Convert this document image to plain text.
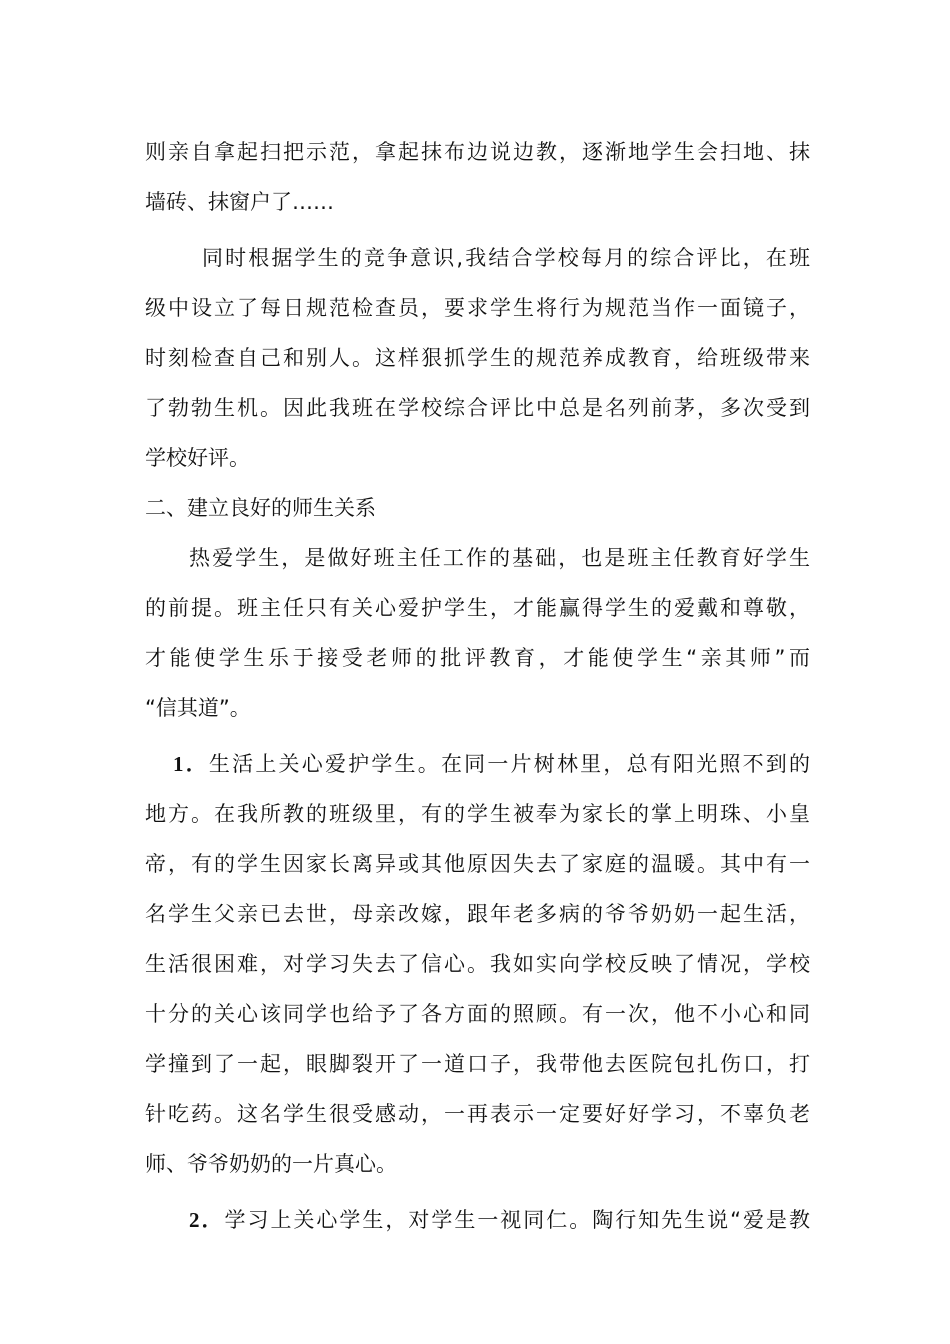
则亲自拿起扫把示范，拿起抹布边说边教，逐渐地学生会扫地、抹
墙砖、抹窗户了……
同时根据学生的竞争意识,我结合学校每月的综合评比，在班
级中设立了每日规范检查员，要求学生将行为规范当作一面镜子，
时刻检查自己和别人。这样狠抓学生的规范养成教育，给班级带来
了勃勃生机。因此我班在学校综合评比中总是名列前茅，多次受到
学校好评。
二、建立良好的师生关系
热爱学生，是做好班主任工作的基础，也是班主任教育好学生
的前提。班主任只有关心爱护学生，才能赢得学生的爱戴和尊敬，
才能使学生乐于接受老师的批评教育，才能使学生“亲其师”而
“信其道”。
1．生活上关心爱护学生。在同一片树林里，总有阳光照不到的
地方。在我所教的班级里，有的学生被奉为家长的掌上明珠、小皇
帝，有的学生因家长离异或其他原因失去了家庭的温暖。其中有一
名学生父亲已去世，母亲改嫁，跟年老多病的爷爷奶奶一起生活，
生活很困难，对学习失去了信心。我如实向学校反映了情况，学校
十分的关心该同学也给予了各方面的照顾。有一次，他不小心和同
学撞到了一起，眼脚裂开了一道口子，我带他去医院包扎伤口，打
针吃药。这名学生很受感动，一再表示一定要好好学习，不辜负老
师、爷爷奶奶的一片真心。
2．学习上关心学生，对学生一视同仁。陶行知先生说“爱是教
